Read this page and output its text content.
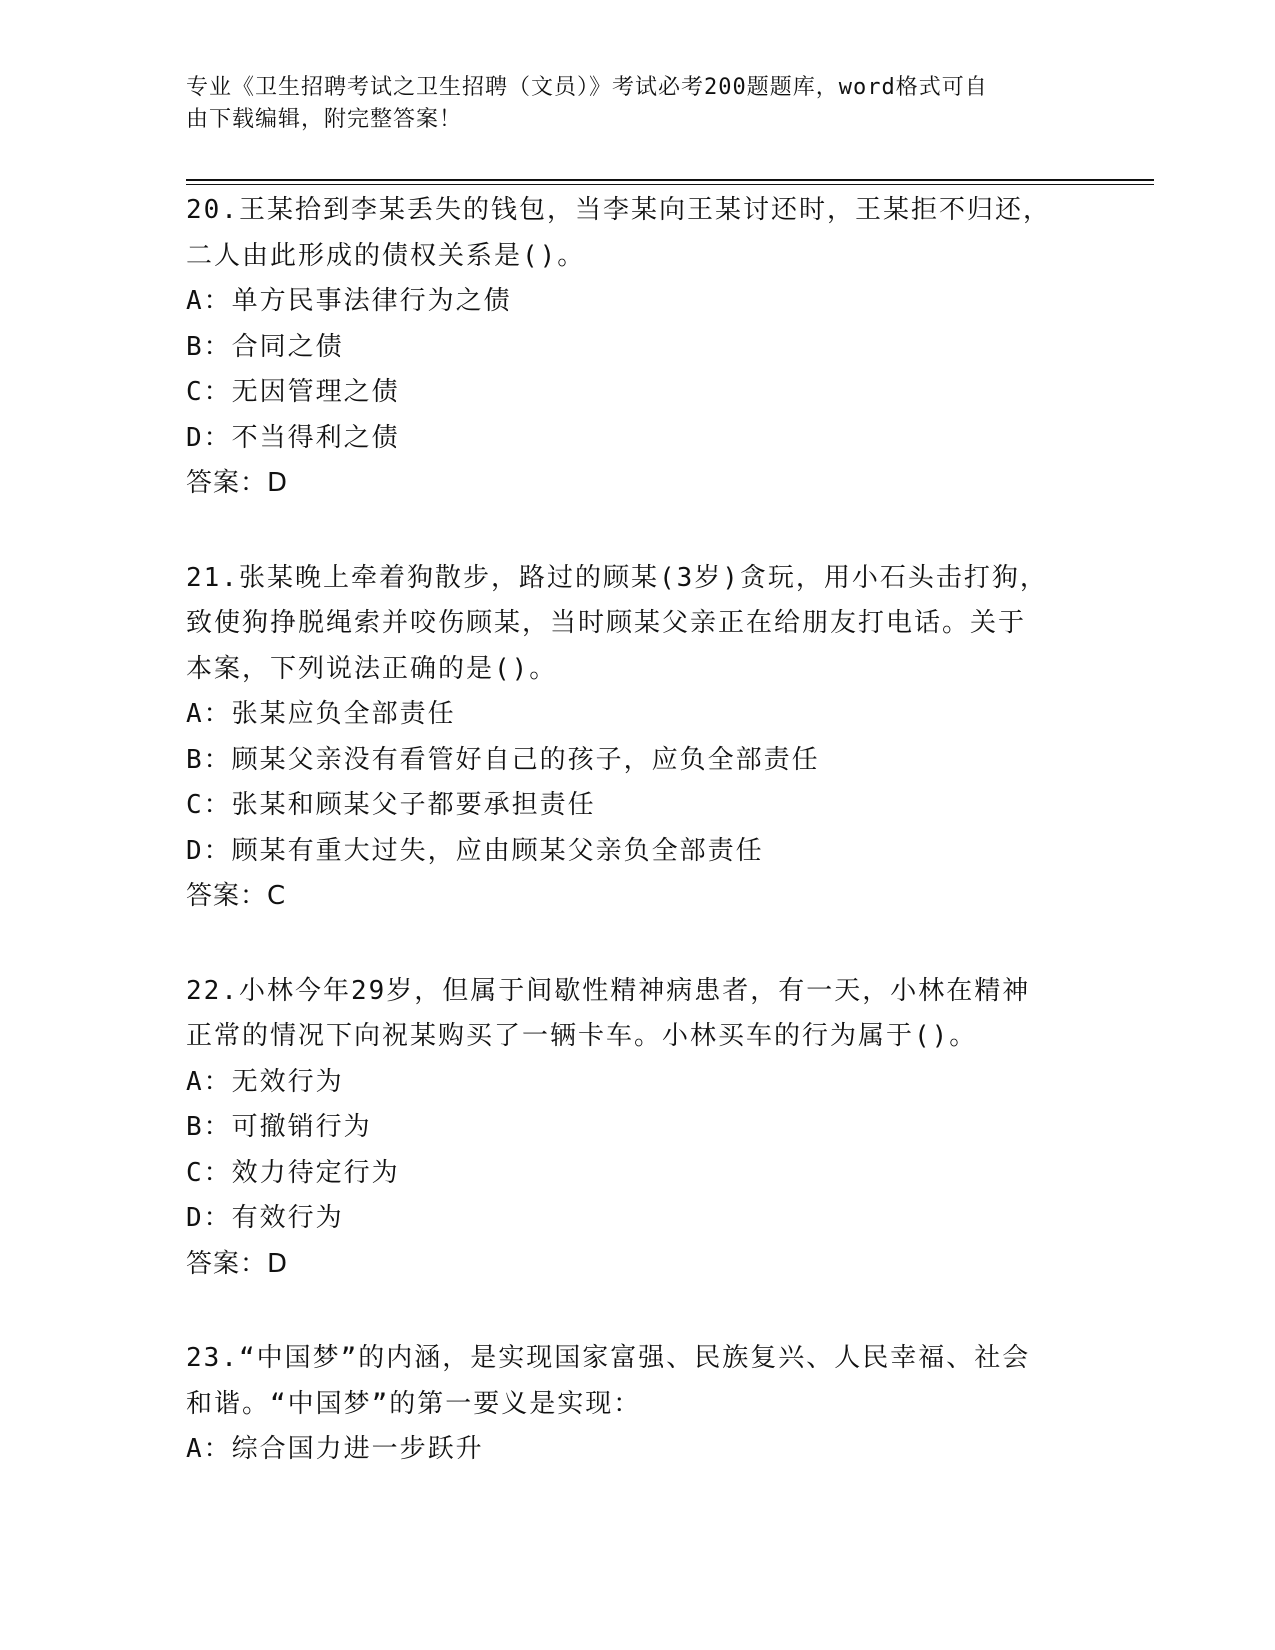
专业《卫生招聘考试之卫生招聘（文员）》考试必考200题题库，word格式可自
由下载编辑，附完整答案！
20.王某拾到李某丢失的钱包，当李某向王某讨还时，王某拒不归还，
二人由此形成的债权关系是()。
A：单方民事法律行为之债
B：合同之债
C：无因管理之债
D：不当得利之债
答案：D
21.张某晚上牵着狗散步，路过的顾某(3岁)贪玩，用小石头击打狗，
致使狗挣脱绳索并咬伤顾某，当时顾某父亲正在给朋友打电话。关于
本案，下列说法正确的是()。
A：张某应负全部责任
B：顾某父亲没有看管好自己的孩子，应负全部责任
C：张某和顾某父子都要承担责任
D：顾某有重大过失，应由顾某父亲负全部责任
答案：C
22.小林今年29岁，但属于间歇性精神病患者，有一天，小林在精神
正常的情况下向祝某购买了一辆卡车。小林买车的行为属于()。
A：无效行为
B：可撤销行为
C：效力待定行为
D：有效行为
答案：D
23.“中国梦”的内涵，是实现国家富强、民族复兴、人民幸福、社会
和谐。“中国梦”的第一要义是实现：
A：综合国力进一步跃升
